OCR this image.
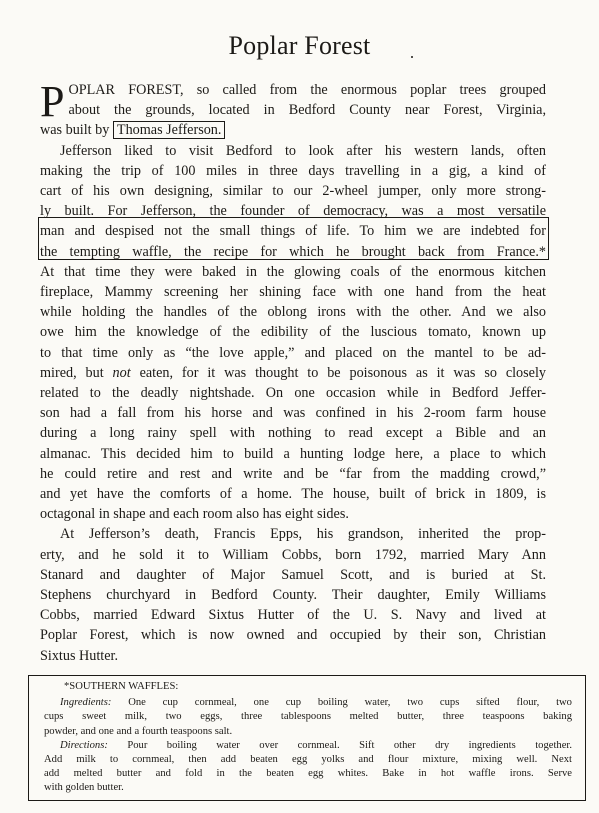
Poplar Forest
P OPLAR FOREST, so called from the enormous poplar trees grouped
about the grounds, located in Bedford County near Forest, Virginia,
was built by Thomas Jefferson.
Jefferson liked to visit Bedford to look after his western lands, often
making the trip of 100 miles in three days travelling in a gig, a kind of
cart of his own designing, similar to our 2-wheel jumper, only more strong-
ly built. For Jefferson, the founder of democracy, was a most versatile
man and despised not the small things of life. To him we are indebted for
the tempting waffle, the recipe for which he brought back from France.*
At that time they were baked in the glowing coals of the enormous kitchen
fireplace, Mammy screening her shining face with one hand from the heat
while holding the handles of the oblong irons with the other. And we also
owe him the knowledge of the edibility of the luscious tomato, known up
to that time only as “the love apple,” and placed on the mantel to be ad-
mired, but not eaten, for it was thought to be poisonous as it was so closely
related to the deadly nightshade. On one occasion while in Bedford Jeffer-
son had a fall from his horse and was confined in his 2-room farm house
during a long rainy spell with nothing to read except a Bible and an
almanac. This decided him to build a hunting lodge here, a place to which
he could retire and rest and write and be “far from the madding crowd,”
and yet have the comforts of a home. The house, built of brick in 1809, is
octagonal in shape and each room also has eight sides.
At Jefferson’s death, Francis Epps, his grandson, inherited the prop-
erty, and he sold it to William Cobbs, born 1792, married Mary Ann
Stanard and daughter of Major Samuel Scott, and is buried at St.
Stephens churchyard in Bedford County. Their daughter, Emily Williams
Cobbs, married Edward Sixtus Hutter of the U. S. Navy and lived at
Poplar Forest, which is now owned and occupied by their son, Christian
Sixtus Hutter.
*SOUTHERN WAFFLES:
Ingredients: One cup cornmeal, one cup boiling water, two cups sifted flour, two
cups sweet milk, two eggs, three tablespoons melted butter, three teaspoons baking
powder, and one and a fourth teaspoons salt.
Directions: Pour boiling water over cornmeal. Sift other dry ingredients together.
Add milk to cornmeal, then add beaten egg yolks and flour mixture, mixing well. Next
add melted butter and fold in the beaten egg whites. Bake in hot waffle irons. Serve
with golden butter.
